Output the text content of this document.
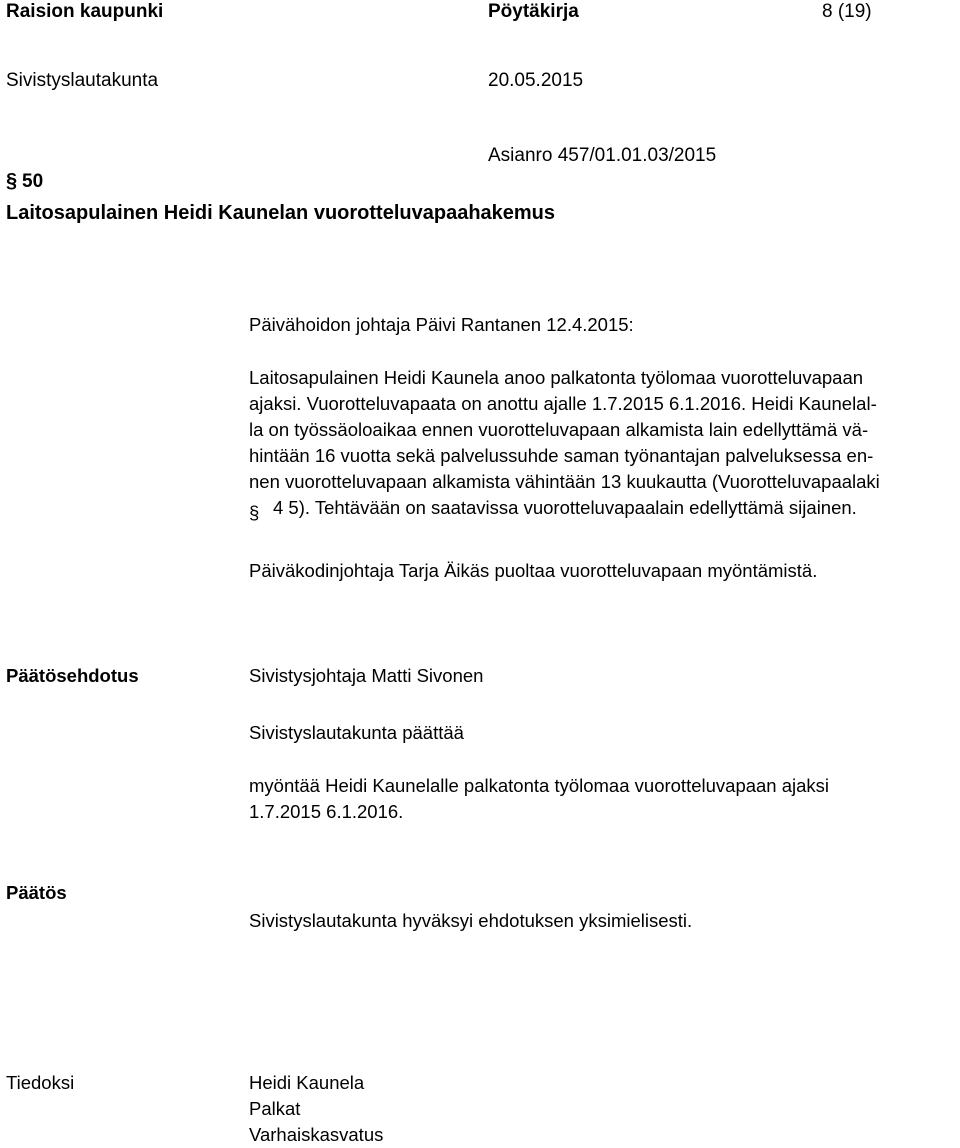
Raision kaupunki	Pöytäkirja	8 (19)
Sivistyslautakunta	20.05.2015
Asianro 457/01.01.03/2015
§ 50
Laitosapulainen Heidi Kaunelan vuorotteluvapaahakemus
Päivähoidon johtaja Päivi Rantanen 12.4.2015:
Laitosapulainen Heidi Kaunela anoo palkatonta työlomaa vuorotteluvapaan
ajaksi. Vuorotteluvapaata on anottu ajalle 1.7.2015 6.1.2016. Heidi Kaunelal-
la on työssäoloaikaa ennen vuorotteluvapaan alkamista lain edellyttämä vä-
hintään 16 vuotta sekä palvelussuhde saman työnantajan palveluksessa en-
nen vuorotteluvapaan alkamista vähintään 13 kuukautta (Vuorotteluvapaalaki
4 5). Tehtävään on saatavissa vuorotteluvapaalain edellyttämä sijainen.
§
Päiväkodinjohtaja Tarja Äikäs puoltaa vuorotteluvapaan myöntämistä.
Päätösehdotus	Sivistysjohtaja Matti Sivonen
Sivistyslautakunta päättää
myöntää Heidi Kaunelalle palkatonta työlomaa vuorotteluvapaan ajaksi
1.7.2015 6.1.2016.
Päätös
Sivistyslautakunta hyväksyi ehdotuksen yksimielisesti.
Tiedoksi	Heidi Kaunela
Palkat
Varhaiskasvatus
